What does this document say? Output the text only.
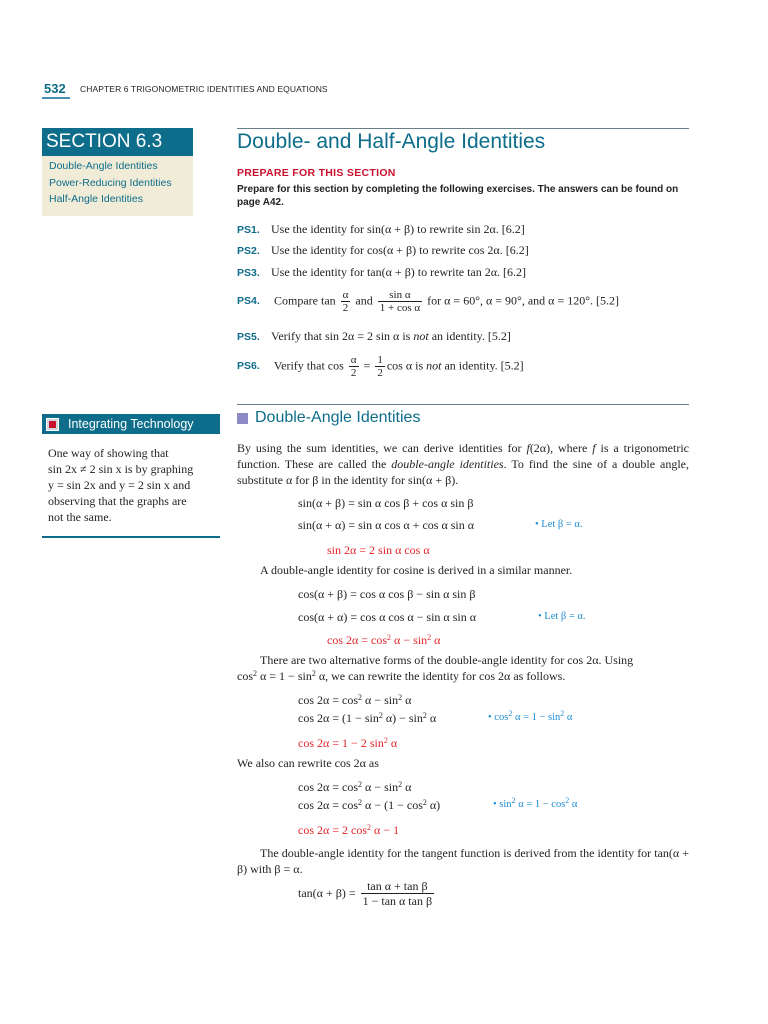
532 CHAPTER 6 TRIGONOMETRIC IDENTITIES AND EQUATIONS
SECTION 6.3
Double-Angle Identities
Power-Reducing Identities
Half-Angle Identities
Double- and Half-Angle Identities
PREPARE FOR THIS SECTION
Prepare for this section by completing the following exercises. The answers can be found on page A42.
PS1. Use the identity for sin(α + β) to rewrite sin 2α. [6.2]
PS2. Use the identity for cos(α + β) to rewrite cos 2α. [6.2]
PS3. Use the identity for tan(α + β) to rewrite tan 2α. [6.2]
PS4. Compare $\tan \frac{\alpha}{2}$ and $\frac{\text{sin α}}{\text{1 + cos α}}$ for α = 60°, α = 90°, and α = 120°. [5.2]
PS5. Verify that sin 2α = 2 sin α is not an identity. [5.2]
PS6. Verify that $\cos \frac{\alpha}{2} = \frac{1}{2}$ cos α is not an identity. [5.2]
Integrating Technology
One way of showing that
sin 2x ≠ 2 sin x is by graphing
y = sin 2x and y = 2 sin x and
observing that the graphs are
not the same.
Double-Angle Identities
By using the sum identities, we can derive identities for f(2α), where f is a trigonometric function. These are called the double-angle identities. To find the sine of a double angle, substitute α for β in the identity for sin(α + β).
sin(α + β) = sin α cos β + cos α sin β
sin(α + α) = sin α cos α + cos α sin α	• Let β = α.
sin 2α = 2 sin α cos α
A double-angle identity for cosine is derived in a similar manner.
cos(α + β) = cos α cos β − sin α sin β
cos(α + α) = cos α cos α − sin α sin α	• Let β = α.
$\cos 2\alpha = \cos^2 \alpha - \sin^2 \alpha$
There are two alternative forms of the double-angle identity for cos 2α. Using
$\cos^2 \alpha = 1 - \sin^2 \alpha$, we can rewrite the identity for cos 2α as follows.
$\cos 2\alpha = \cos^2 \alpha - \sin^2 \alpha$
$\cos 2\alpha = (1 - \sin^2 \alpha) - \sin^2 \alpha$	• $\cos^2 \alpha = 1 - \sin^2 \alpha$
cos 2α = 1 − 2 $\sin^2 \alpha$
We also can rewrite cos 2α as
$\cos 2\alpha = \cos^2 \alpha - \sin^2 \alpha$
$\cos 2\alpha = \cos^2 \alpha - (1 - \cos^2 \alpha)$	• $\sin^2 \alpha = 1 - \cos^2 \alpha$
cos 2α = 2 $\cos^2 \alpha - 1$
The double-angle identity for the tangent function is derived from the identity for tan(α + β) with β = α.
$\tan(\alpha + \beta) = \frac{\text{tan α + tan β}}{\text{1 − tan α tan β}}$
